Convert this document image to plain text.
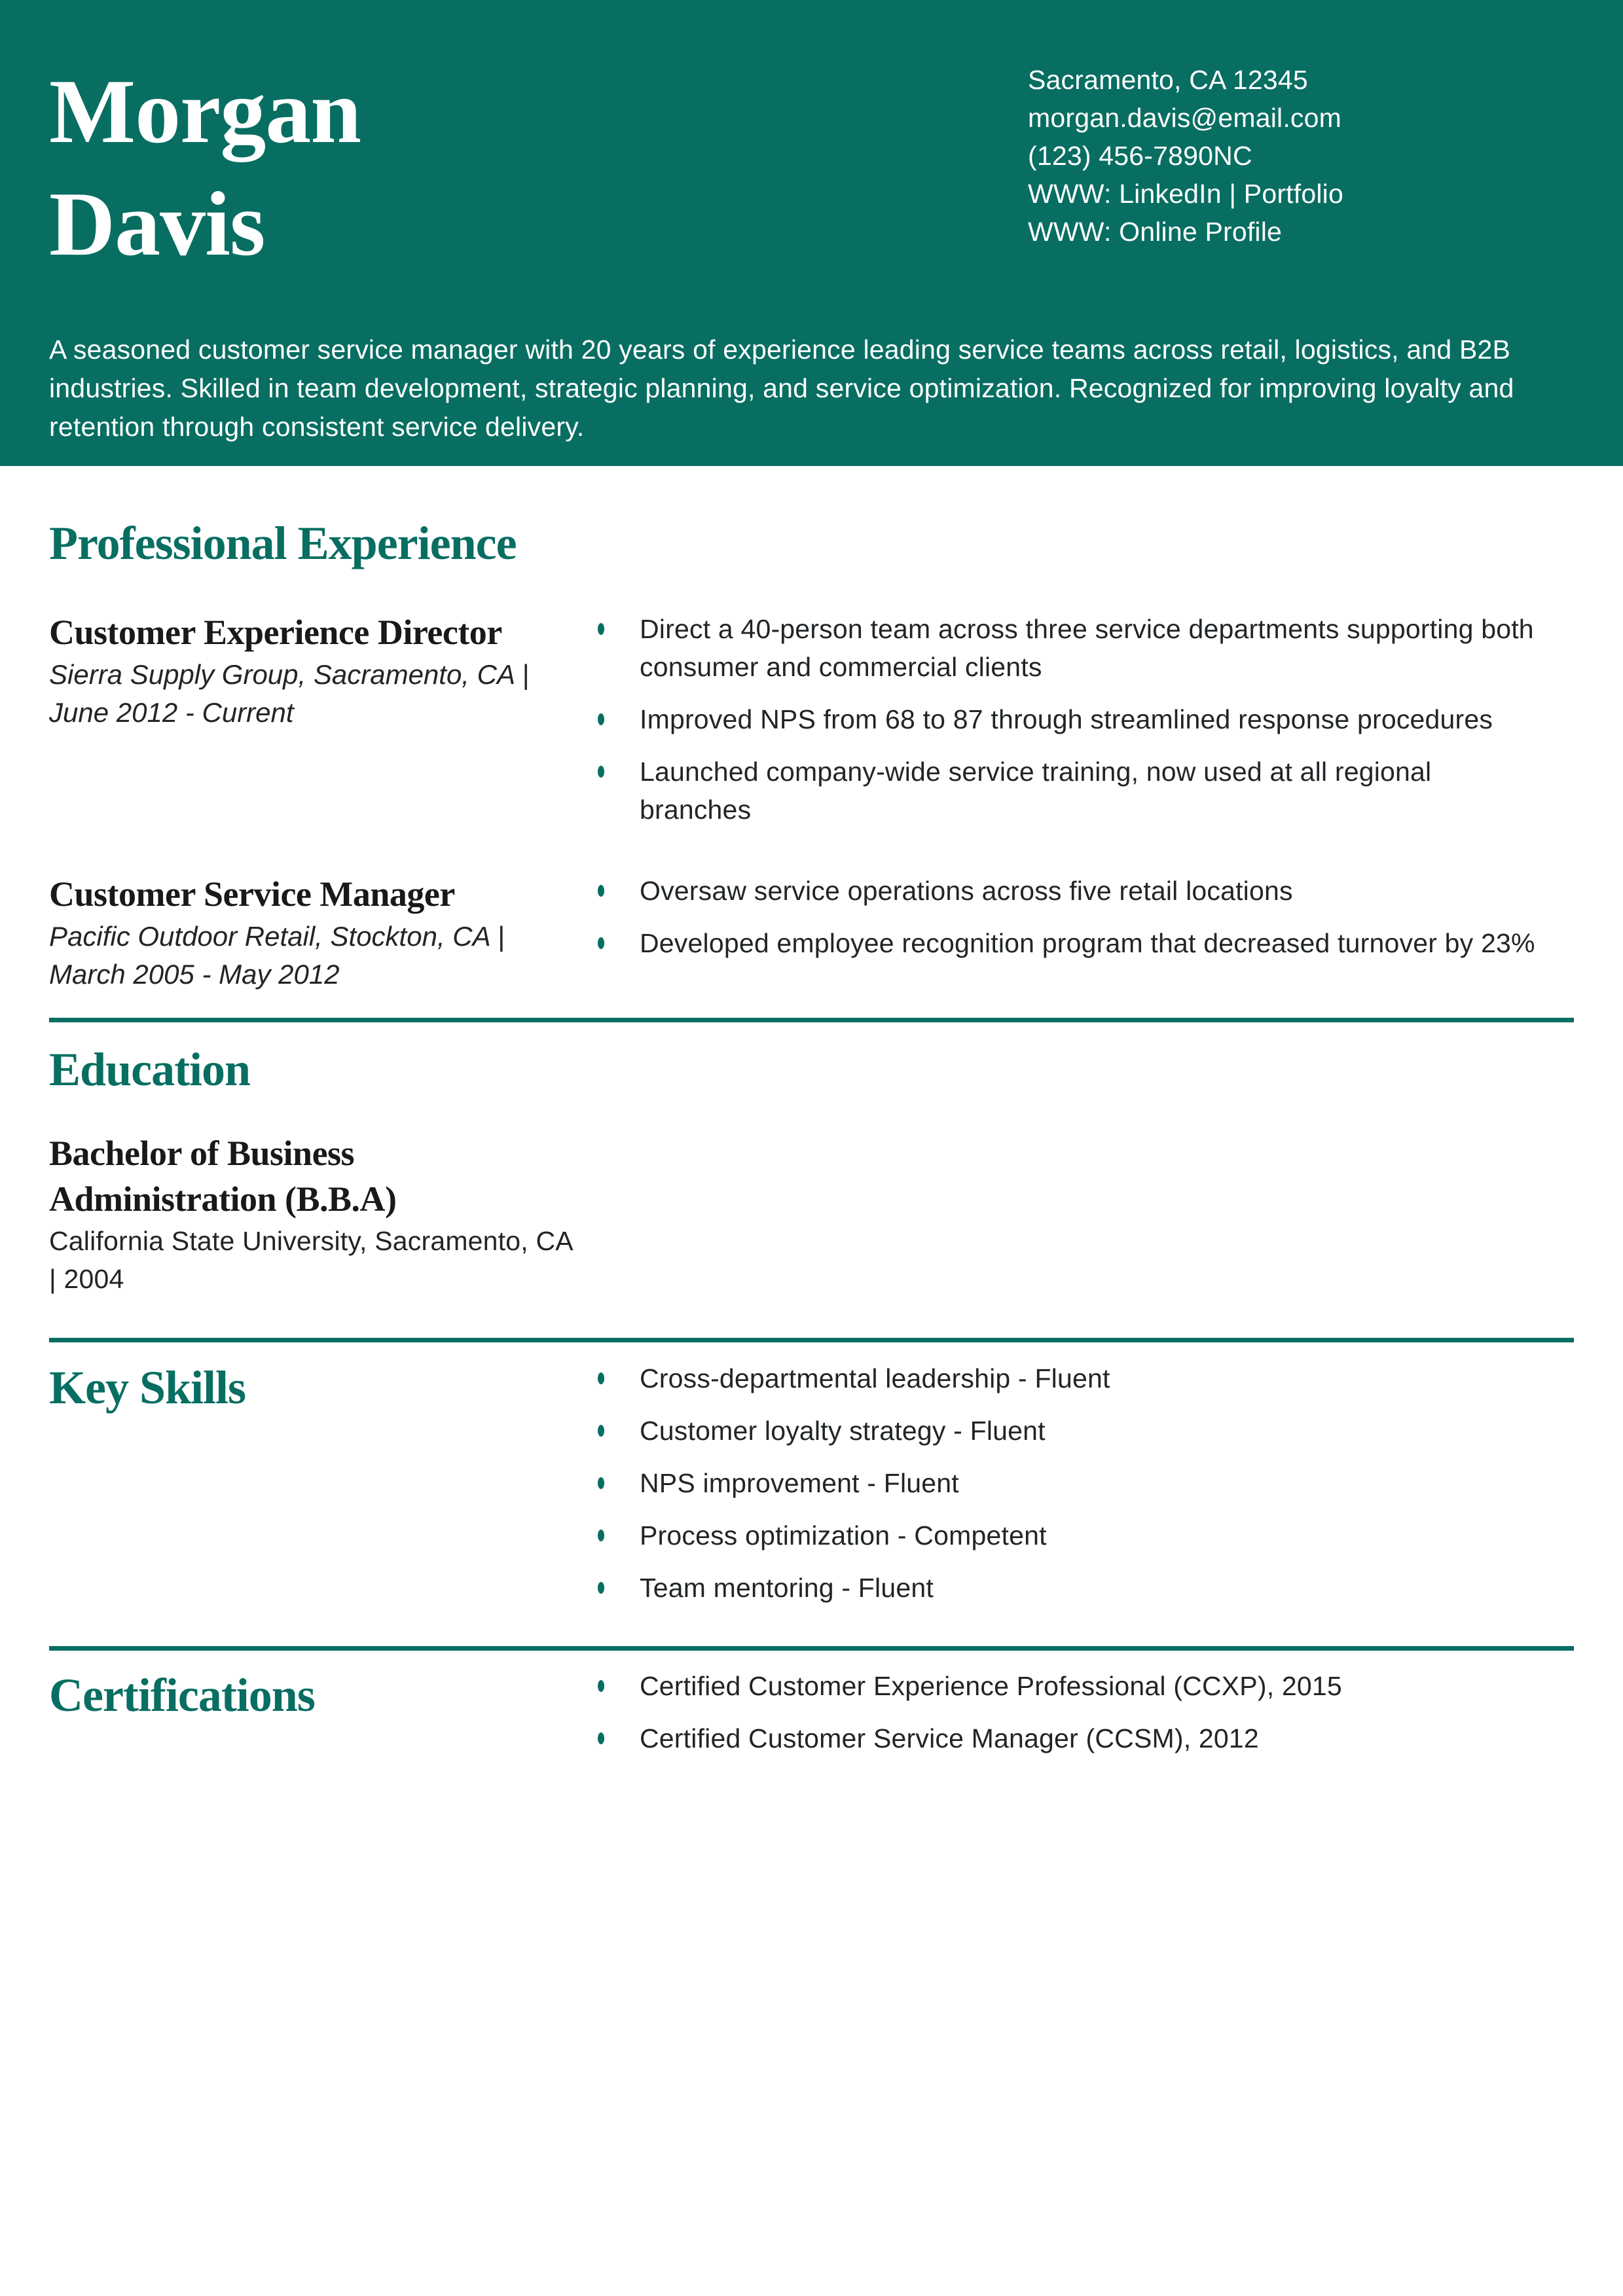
Morgan Davis
Sacramento, CA 12345
morgan.davis@email.com
(123) 456-7890NC
WWW: LinkedIn | Portfolio
WWW: Online Profile

A seasoned customer service manager with 20 years of experience leading service teams across retail, logistics, and B2B industries. Skilled in team development, strategic planning, and service optimization. Recognized for improving loyalty and retention through consistent service delivery.

Professional Experience
Customer Experience Director

Sierra Supply Group, Sacramento, CA | June 2012 - Current

Direct a 40-person team across three service departments supporting both consumer and commercial clients
Improved NPS from 68 to 87 through streamlined response procedures
Launched company-wide service training, now used at all regional branches
Customer Service Manager

Pacific Outdoor Retail, Stockton, CA | March 2005 - May 2012

Oversaw service operations across five retail locations
Developed employee recognition program that decreased turnover by 23%
Education
Bachelor of Business Administration (B.B.A)

California State University, Sacramento, CA | 2004

Key Skills	Cross-departmental leadership - Fluent
Customer loyalty strategy - Fluent
NPS improvement - Fluent
Process optimization - Competent
Team mentoring - Fluent
Certifications	Certified Customer Experience Professional (CCXP), 2015
Certified Customer Service Manager (CCSM), 2012
